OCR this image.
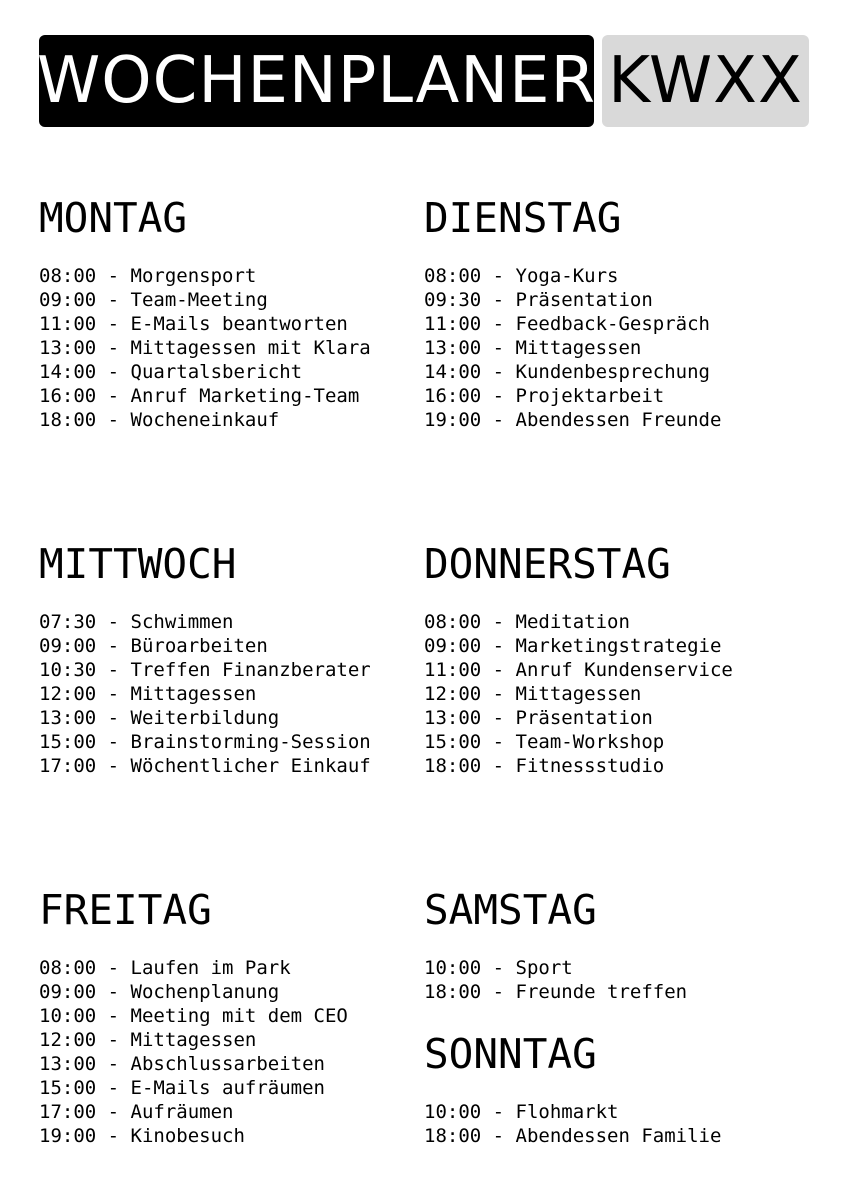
WOCHENPLANER KWXX
MONTAG
08:00 - Morgensport
09:00 - Team-Meeting
11:00 - E-Mails beantworten
13:00 - Mittagessen mit Klara
14:00 - Quartalsbericht
16:00 - Anruf Marketing-Team
18:00 - Wocheneinkauf
DIENSTAG
08:00 - Yoga-Kurs
09:30 - Präsentation
11:00 - Feedback-Gespräch
13:00 - Mittagessen
14:00 - Kundenbesprechung
16:00 - Projektarbeit
19:00 - Abendessen Freunde
MITTWOCH
07:30 - Schwimmen
09:00 - Büroarbeiten
10:30 - Treffen Finanzberater
12:00 - Mittagessen
13:00 - Weiterbildung
15:00 - Brainstorming-Session
17:00 - Wöchentlicher Einkauf
DONNERSTAG
08:00 - Meditation
09:00 - Marketingstrategie
11:00 - Anruf Kundenservice
12:00 - Mittagessen
13:00 - Präsentation
15:00 - Team-Workshop
18:00 - Fitnessstudio
FREITAG
08:00 - Laufen im Park
09:00 - Wochenplanung
10:00 - Meeting mit dem CEO
12:00 - Mittagessen
13:00 - Abschlussarbeiten
15:00 - E-Mails aufräumen
17:00 - Aufräumen
19:00 - Kinobesuch
SAMSTAG
10:00 - Sport
18:00 - Freunde treffen
SONNTAG
10:00 - Flohmarkt
18:00 - Abendessen Familie
